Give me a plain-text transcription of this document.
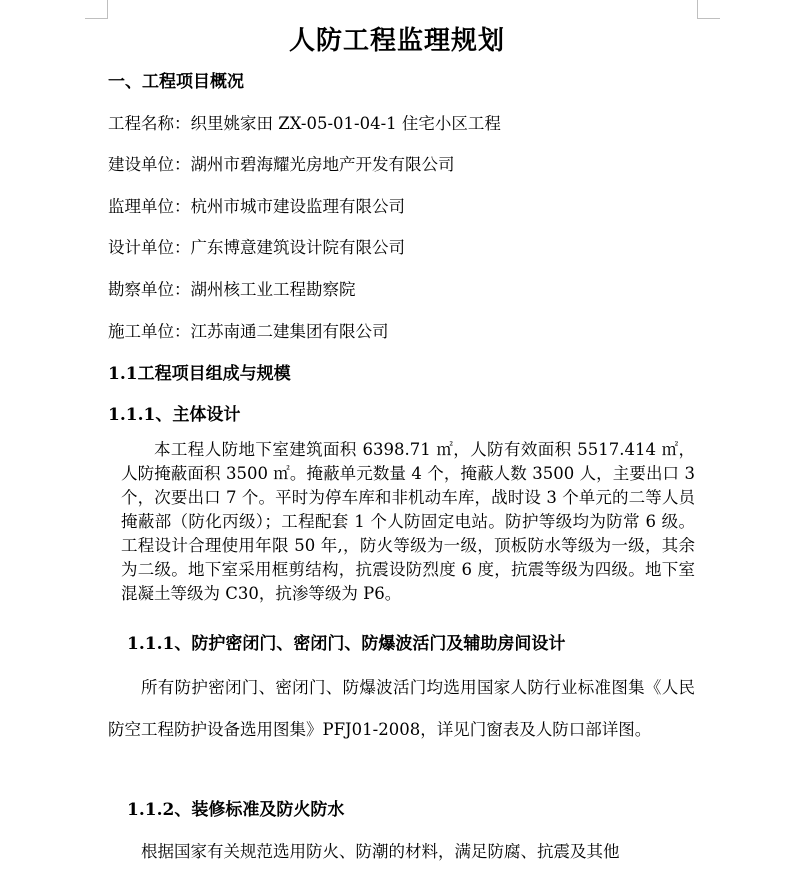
人防工程监理规划
一、工程项目概况
工程名称：织里姚家田 ZX-05-01-04-1 住宅小区工程
建设单位：湖州市碧海耀光房地产开发有限公司
监理单位：杭州市城市建设监理有限公司
设计单位：广东博意建筑设计院有限公司
勘察单位：湖州核工业工程勘察院
施工单位：江苏南通二建集团有限公司
1.1工程项目组成与规模
1.1.1、主体设计
本工程人防地下室建筑面积 6398.71 ㎡，人防有效面积 5517.414 ㎡，人防掩蔽面积 3500 ㎡。掩蔽单元数量 4 个，掩蔽人数 3500 人，主要出口 3 个，次要出口 7 个。平时为停车库和非机动车库，战时设 3 个单元的二等人员掩蔽部（防化丙级）；工程配套 1 个人防固定电站。防护等级均为防常 6 级。工程设计合理使用年限 50 年,，防火等级为一级，顶板防水等级为一级，其余为二级。地下室采用框剪结构，抗震设防烈度 6 度，抗震等级为四级。地下室混凝土等级为 C30，抗渗等级为 P6。
1.1.1、防护密闭门、密闭门、防爆波活门及辅助房间设计
所有防护密闭门、密闭门、防爆波活门均选用国家人防行业标准图集《人民防空工程防护设备选用图集》PFJ01-2008，详见门窗表及人防口部详图。
1.1.2、装修标准及防火防水
根据国家有关规范选用防火、防潮的材料，满足防腐、抗震及其他
